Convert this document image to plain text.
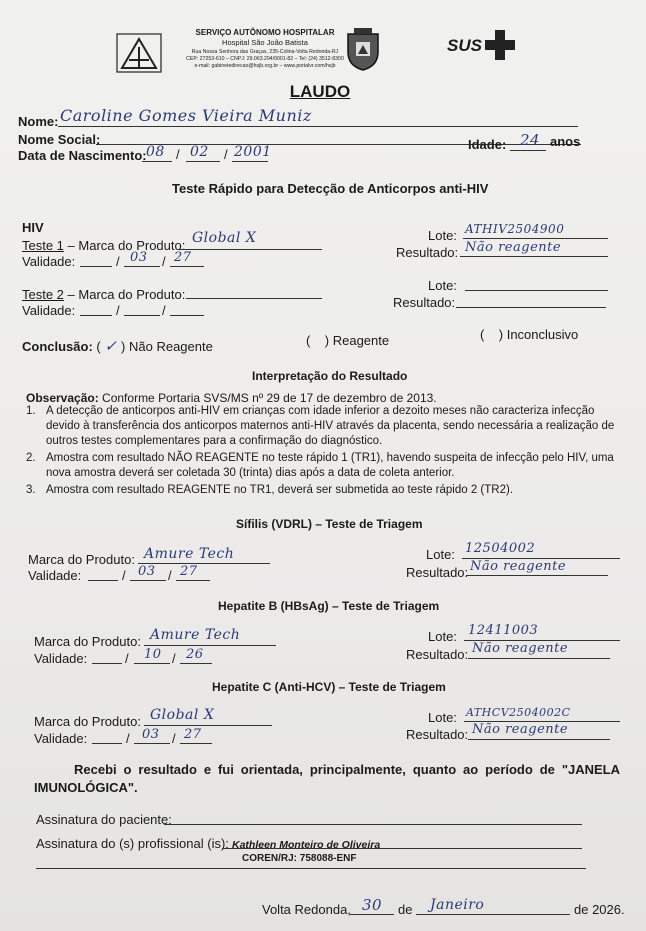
SERVIÇO AUTÔNOMO HOSPITALAR
Hospital São João Batista
Rua Nossa Senhora das Graças, 235-Colina-Volta Redonda-RJ
CEP: 27253-610 – CNPJ: 29.063.294/0001-82 – Tel: (24) 3512-8300
e-mail: gabinetedirecao@hsjb.org.br – www.portalvr.com/hsjb
SUS
LAUDO
Nome: Caroline Gomes Vieira Muniz
Nome Social:
Data de Nascimento: 08 / 02 / 2001	Idade: 24 anos
Teste Rápido para Detecção de Anticorpos anti-HIV
HIV
Teste 1 – Marca do Produto: Global X
Validade:	/ 03 / 27
Lote: ATHIV2504900
Resultado: Não reagente
Teste 2 – Marca do Produto:
Validade:	/	/
Lote:
Resultado:
Conclusão: ( ✓ ) Não Reagente	(    ) Reagente	(    ) Inconclusivo
Interpretação do Resultado
Observação: Conforme Portaria SVS/MS nº 29 de 17 de dezembro de 2013.
1. A detecção de anticorpos anti-HIV em crianças com idade inferior a dezoito meses não caracteriza infecção
devido à transferência dos anticorpos maternos anti-HIV através da placenta, sendo necessária a realização de
outros testes complementares para a confirmação do diagnóstico.
2. Amostra com resultado NÃO REAGENTE no teste rápido 1 (TR1), havendo suspeita de infecção pelo HIV, uma
nova amostra deverá ser coletada 30 (trinta) dias após a data de coleta anterior.
3. Amostra com resultado REAGENTE no TR1, deverá ser submetida ao teste rápido 2 (TR2).
Sífilis (VDRL) – Teste de Triagem
Marca do Produto: Amure Tech
Validade:	/ 03 / 27
Lote: 12504002
Resultado: Não reagente
Hepatite B (HBsAg) – Teste de Triagem
Marca do Produto: Amure Tech
Validade:	/ 10 / 26
Lote: 12411003
Resultado: Não reagente
Hepatite C (Anti-HCV) – Teste de Triagem
Marca do Produto: Global X
Validade:	/ 03 / 27
Lote: ATHCV2504002C
Resultado: Não reagente
Recebi o resultado e fui orientada, principalmente, quanto ao período de "JANELA
IMUNOLÓGICA".
Assinatura do paciente:
Assinatura do (s) profissional (is): Kathleen Monteiro de Oliveira
COREN/RJ: 758088-ENF
Volta Redonda, 30 de Janeiro	de 2026.
